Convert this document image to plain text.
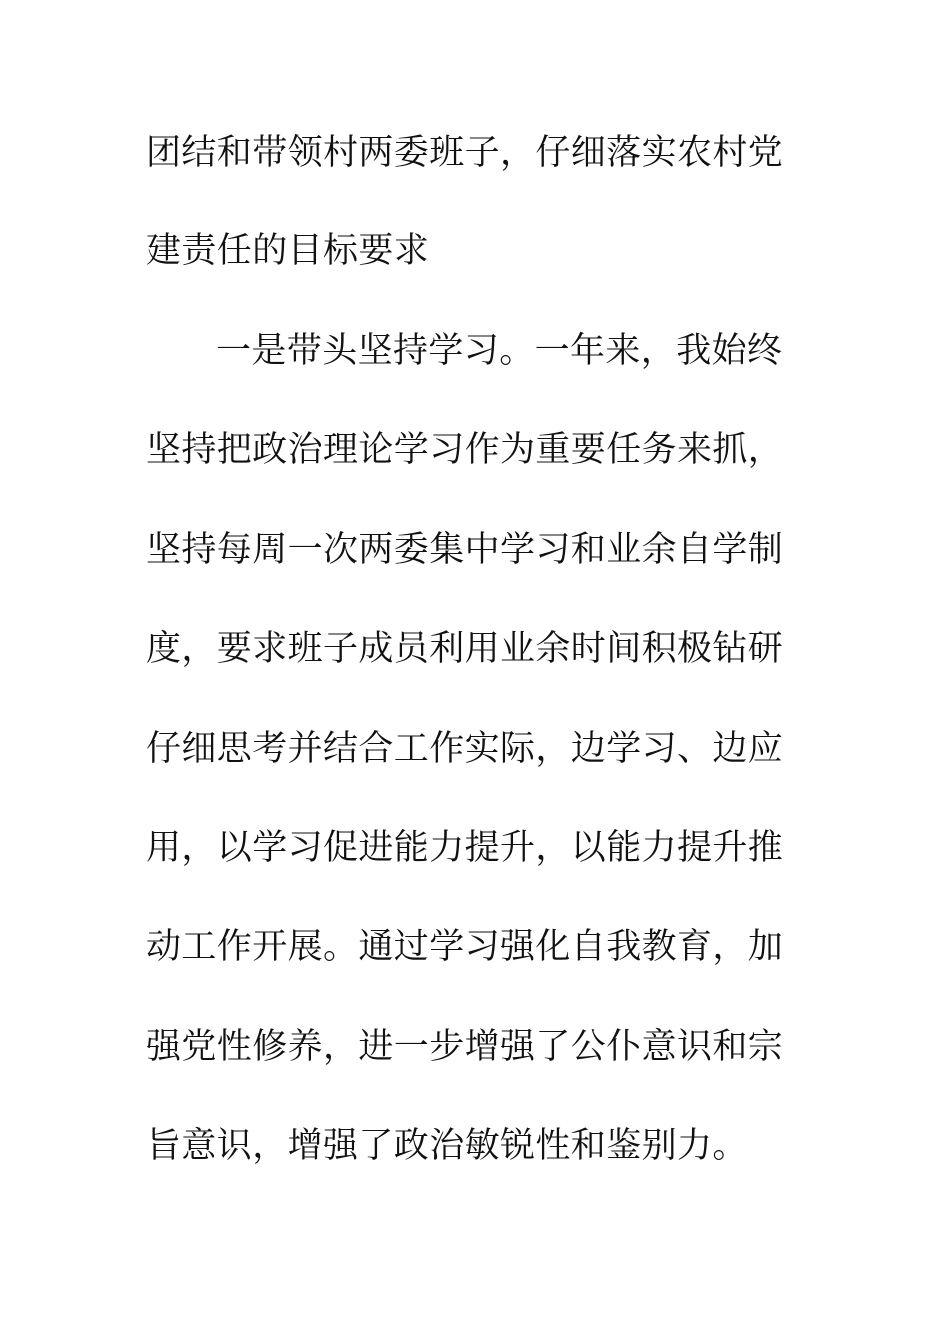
团结和带领村两委班子，仔细落实农村党
建责任的目标要求
一是带头坚持学习。一年来，我始终
坚持把政治理论学习作为重要任务来抓，
坚持每周一次两委集中学习和业余自学制
度，要求班子成员利用业余时间积极钻研
仔细思考并结合工作实际，边学习、边应
用，以学习促进能力提升，以能力提升推
动工作开展。通过学习强化自我教育，加
强党性修养，进一步增强了公仆意识和宗
旨意识，增强了政治敏锐性和鉴别力。
